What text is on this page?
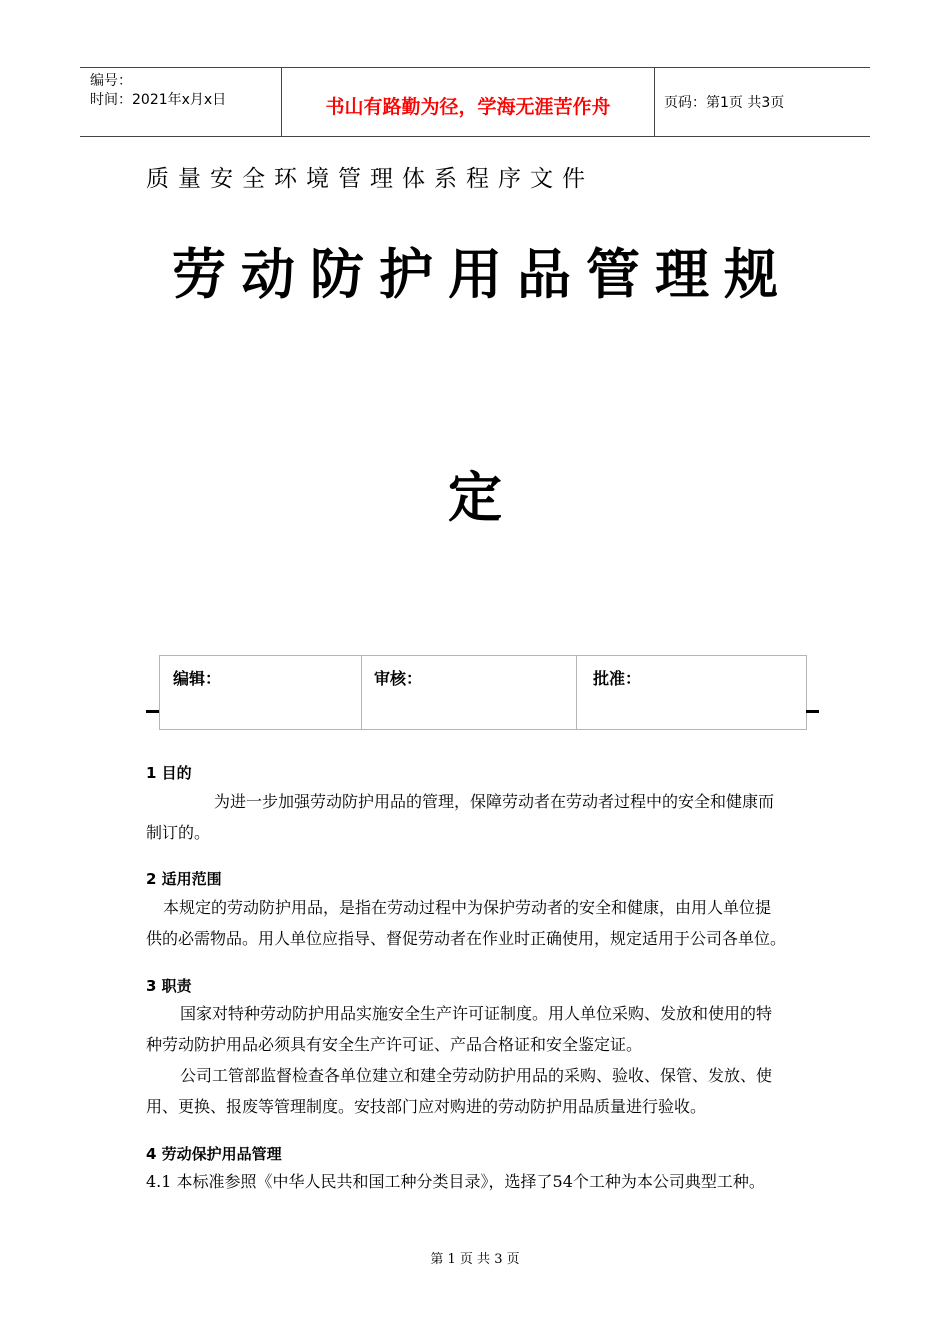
编号：
时间：2021年x月x日	书山有路勤为径，学海无涯苦作舟	页码：第1页 共3页
质量安全环境管理体系程序文件
劳动防护用品管理规
定
编辑：	审核：	批准：
1 目的
为进一步加强劳动防护用品的管理，保障劳动者在劳动者过程中的安全和健康而
制订的。
2 适用范围
本规定的劳动防护用品，是指在劳动过程中为保护劳动者的安全和健康，由用人单位提
供的必需物品。用人单位应指导、督促劳动者在作业时正确使用，规定适用于公司各单位。
3 职责
国家对特种劳动防护用品实施安全生产许可证制度。用人单位采购、发放和使用的特
种劳动防护用品必须具有安全生产许可证、产品合格证和安全鉴定证。
公司工管部监督检查各单位建立和建全劳动防护用品的采购、验收、保管、发放、使
用、更换、报废等管理制度。安技部门应对购进的劳动防护用品质量进行验收。
4 劳动保护用品管理
4.1 本标准参照《中华人民共和国工种分类目录》，选择了54个工种为本公司典型工种。
第 1 页 共 3 页
